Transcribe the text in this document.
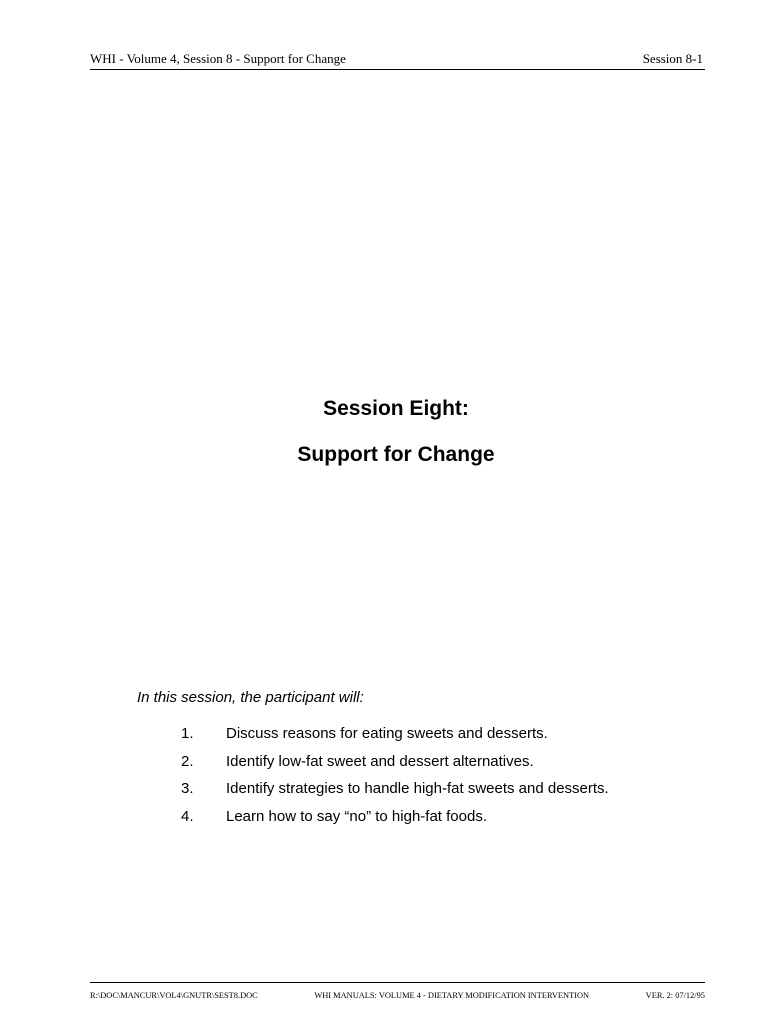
WHI - Volume 4, Session 8 - Support for Change	Session 8-1
Session Eight:
Support for Change
In this session, the participant will:
1.	Discuss reasons for eating sweets and desserts.
2.	Identify low-fat sweet and dessert alternatives.
3.	Identify strategies to handle high-fat sweets and desserts.
4.	Learn how to say “no” to high-fat foods.
R:\DOC\MANCUR\VOL4\GNUTR\SEST8.DOC	WHI MANUALS: VOLUME 4 - DIETARY MODIFICATION INTERVENTION	VER. 2: 07/12/95
